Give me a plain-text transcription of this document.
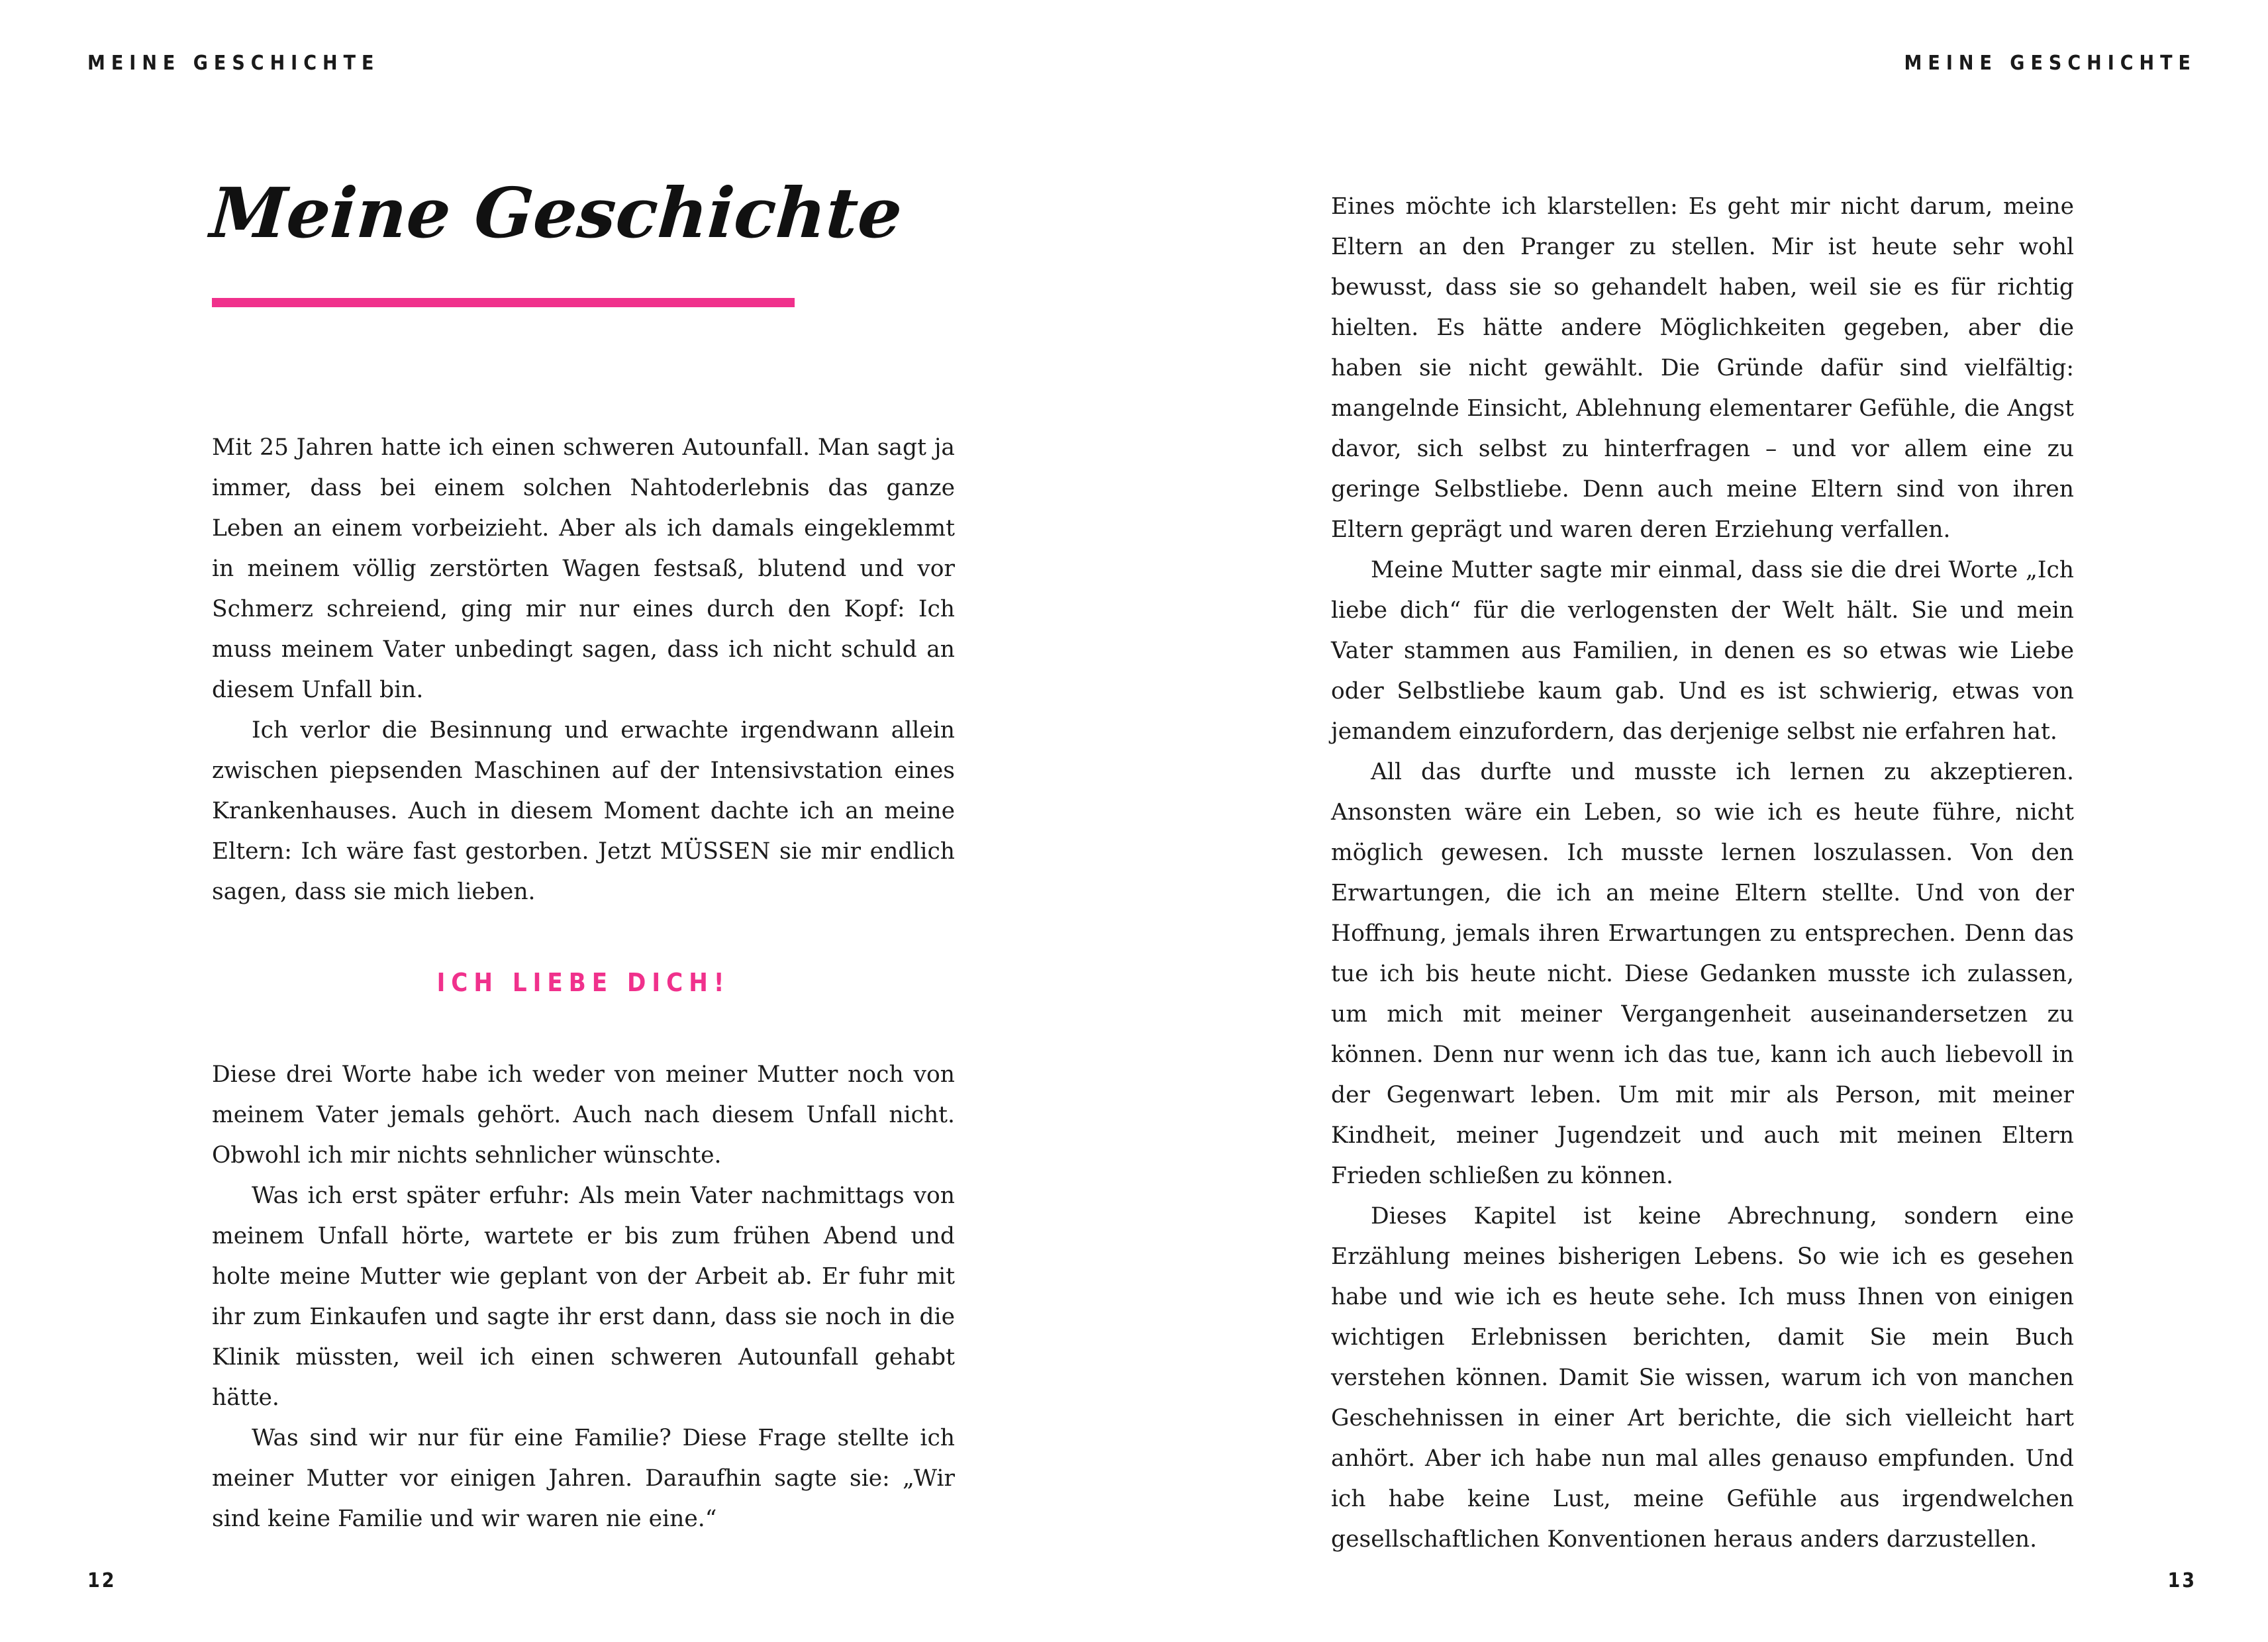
MEINE GESCHICHTE	MEINE GESCHICHTE
Meine Geschichte

Mit 25 Jahren hatte ich einen schweren Autounfall. Man sagt ja immer, dass bei einem solchen Nahtoderlebnis das ganze Leben an einem vorbeizieht. Aber als ich damals eingeklemmt in meinem völlig zerstörten Wagen festsaß, blutend und vor Schmerz schreiend, ging mir nur eines durch den Kopf: Ich muss meinem Vater unbedingt sagen, dass ich nicht schuld an diesem Unfall bin.

Ich verlor die Besinnung und erwachte irgendwann allein zwischen piepsenden Maschinen auf der Intensivstation eines Krankenhauses. Auch in diesem Moment dachte ich an meine Eltern: Ich wäre fast gestorben. Jetzt MÜSSEN sie mir endlich sagen, dass sie mich lieben.

ICH LIEBE DICH!

Diese drei Worte habe ich weder von meiner Mutter noch von meinem Vater jemals gehört. Auch nach diesem Unfall nicht. Obwohl ich mir nichts sehnlicher wünschte.

Was ich erst später erfuhr: Als mein Vater nachmittags von meinem Unfall hörte, wartete er bis zum frühen Abend und holte meine Mutter wie geplant von der Arbeit ab. Er fuhr mit ihr zum Einkaufen und sagte ihr erst dann, dass sie noch in die Klinik müssten, weil ich einen schweren Autounfall gehabt hätte.

Was sind wir nur für eine Familie? Diese Frage stellte ich meiner Mutter vor einigen Jahren. Daraufhin sagte sie: „Wir sind keine Familie und wir waren nie eine.“

Eines möchte ich klarstellen: Es geht mir nicht darum, meine Eltern an den Pranger zu stellen. Mir ist heute sehr wohl bewusst, dass sie so gehandelt haben, weil sie es für richtig hielten. Es hätte andere Möglichkeiten gegeben, aber die haben sie nicht gewählt. Die Gründe dafür sind vielfältig: mangelnde Einsicht, Ablehnung elementarer Gefühle, die Angst davor, sich selbst zu hinterfragen – und vor allem eine zu geringe Selbstliebe. Denn auch meine Eltern sind von ihren Eltern geprägt und waren deren Erziehung verfallen.

Meine Mutter sagte mir einmal, dass sie die drei Worte „Ich liebe dich“ für die verlogensten der Welt hält. Sie und mein Vater stammen aus Familien, in denen es so etwas wie Liebe oder Selbstliebe kaum gab. Und es ist schwierig, etwas von jemandem einzufordern, das derjenige selbst nie erfahren hat.

All das durfte und musste ich lernen zu akzeptieren. Ansonsten wäre ein Leben, so wie ich es heute führe, nicht möglich gewesen. Ich musste lernen loszulassen. Von den Erwartungen, die ich an meine Eltern stellte. Und von der Hoffnung, jemals ihren Erwartungen zu entsprechen. Denn das tue ich bis heute nicht. Diese Gedanken musste ich zulassen, um mich mit meiner Vergangenheit auseinandersetzen zu können. Denn nur wenn ich das tue, kann ich auch liebevoll in der Gegenwart leben. Um mit mir als Person, mit meiner Kindheit, meiner Jugendzeit und auch mit meinen Eltern Frieden schließen zu können.

Dieses Kapitel ist keine Abrechnung, sondern eine Erzählung meines bisherigen Lebens. So wie ich es gesehen habe und wie ich es heute sehe. Ich muss Ihnen von einigen wichtigen Erlebnissen berichten, damit Sie mein Buch verstehen können. Damit Sie wissen, warum ich von manchen Geschehnissen in einer Art berichte, die sich vielleicht hart anhört. Aber ich habe nun mal alles genauso empfunden. Und ich habe keine Lust, meine Gefühle aus irgendwelchen gesellschaftlichen Konventionen heraus anders darzustellen.

12	13
